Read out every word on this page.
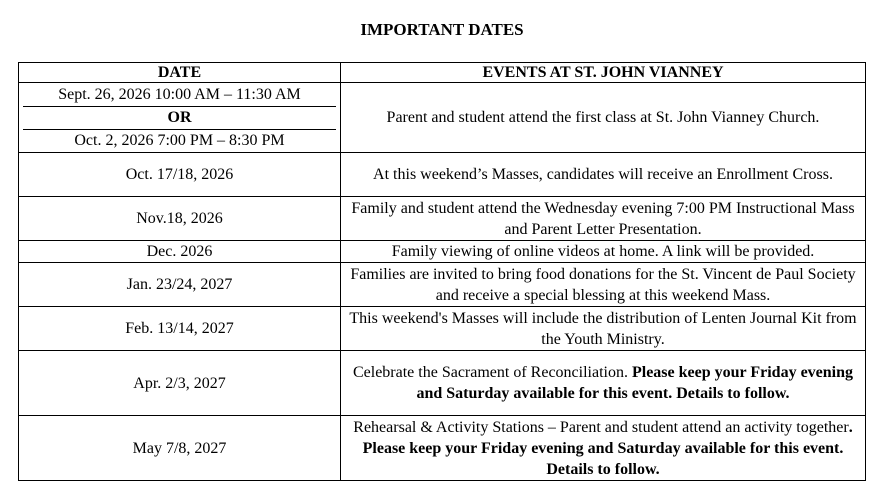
IMPORTANT DATES
DATE	EVENTS AT ST. JOHN VIANNEY

Sept. 26, 2026 10:00 AM – 11:30 AM
OR
Oct. 2, 2026 7:00 PM – 8:30 PM	Parent and student attend the first class at St. John Vianney Church.
Oct. 17/18, 2026	At this weekend’s Masses, candidates will receive an Enrollment Cross.
Nov.18, 2026	Family and student attend the Wednesday evening 7:00 PM Instructional Mass and Parent Letter Presentation.
Dec. 2026	Family viewing of online videos at home. A link will be provided.
Jan. 23/24, 2027	Families are invited to bring food donations for the St. Vincent de Paul Society and receive a special blessing at this weekend Mass.
Feb. 13/14, 2027	This weekend's Masses will include the distribution of Lenten Journal Kit from the Youth Ministry.
Apr. 2/3, 2027	Celebrate the Sacrament of Reconciliation. Please keep your Friday evening and Saturday available for this event. Details to follow.
May 7/8, 2027	Rehearsal & Activity Stations – Parent and student attend an activity together. Please keep your Friday evening and Saturday available for this event. Details to follow.
